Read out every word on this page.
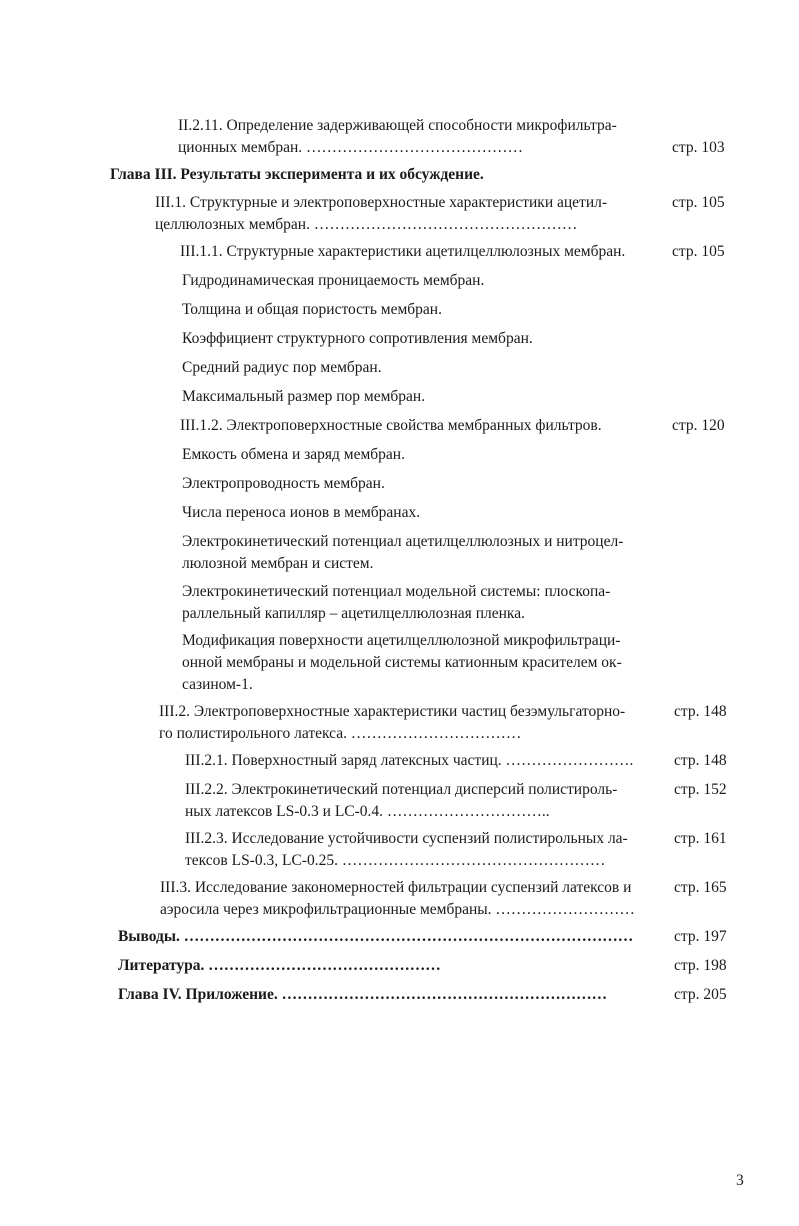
II.2.11. Определение задерживающей способности микрофильтра-
ционных мембран. ……………………………………	стр. 103
Глава III. Результаты эксперимента и их обсуждение.
III.1. Структурные и электроповерхностные характеристики ацетил-
целлюлозных мембран. ……………………………………………
стр. 105
III.1.1. Структурные характеристики ацетилцеллюлозных мембран.	стр. 105
Гидродинамическая проницаемость мембран.
Толщина и общая пористость мембран.
Коэффициент структурного сопротивления мембран.
Средний радиус пор мембран.
Максимальный размер пор мембран.
III.1.2. Электроповерхностные свойства мембранных фильтров.	стр. 120
Емкость обмена и заряд мембран.
Электропроводность мембран.
Числа переноса ионов в мембранах.
Электрокинетический потенциал ацетилцеллюлозных и нитроцел-
люлозной мембран и систем.
Электрокинетический потенциал модельной системы: плоскопа-
раллельный капилляр – ацетилцеллюлозная пленка.
Модификация поверхности ацетилцеллюлозной микрофильтраци-
онной мембраны и модельной системы катионным красителем ок-
сазином-1.
III.2. Электроповерхностные характеристики частиц безэмульгаторно-
го полистирольного латекса. ……………………………
стр. 148
III.2.1. Поверхностный заряд латексных частиц. …………………….	стр. 148
III.2.2. Электрокинетический потенциал дисперсий полистироль-
ных латексов LS-0.3 и LC-0.4. …………………………..
стр. 152
III.2.3. Исследование устойчивости суспензий полистирольных ла-
тексов LS-0.3, LC-0.25. ……………………………………………
стр. 161
III.3. Исследование закономерностей фильтрации суспензий латексов и
аэросила через микрофильтрационные мембраны. ………………………
стр. 165
Выводы. ……………………………………………………………………………	стр. 197
Литература. ………………………………………	стр. 198
Глава IV. Приложение. ………………………………………………………	стр. 205
3
